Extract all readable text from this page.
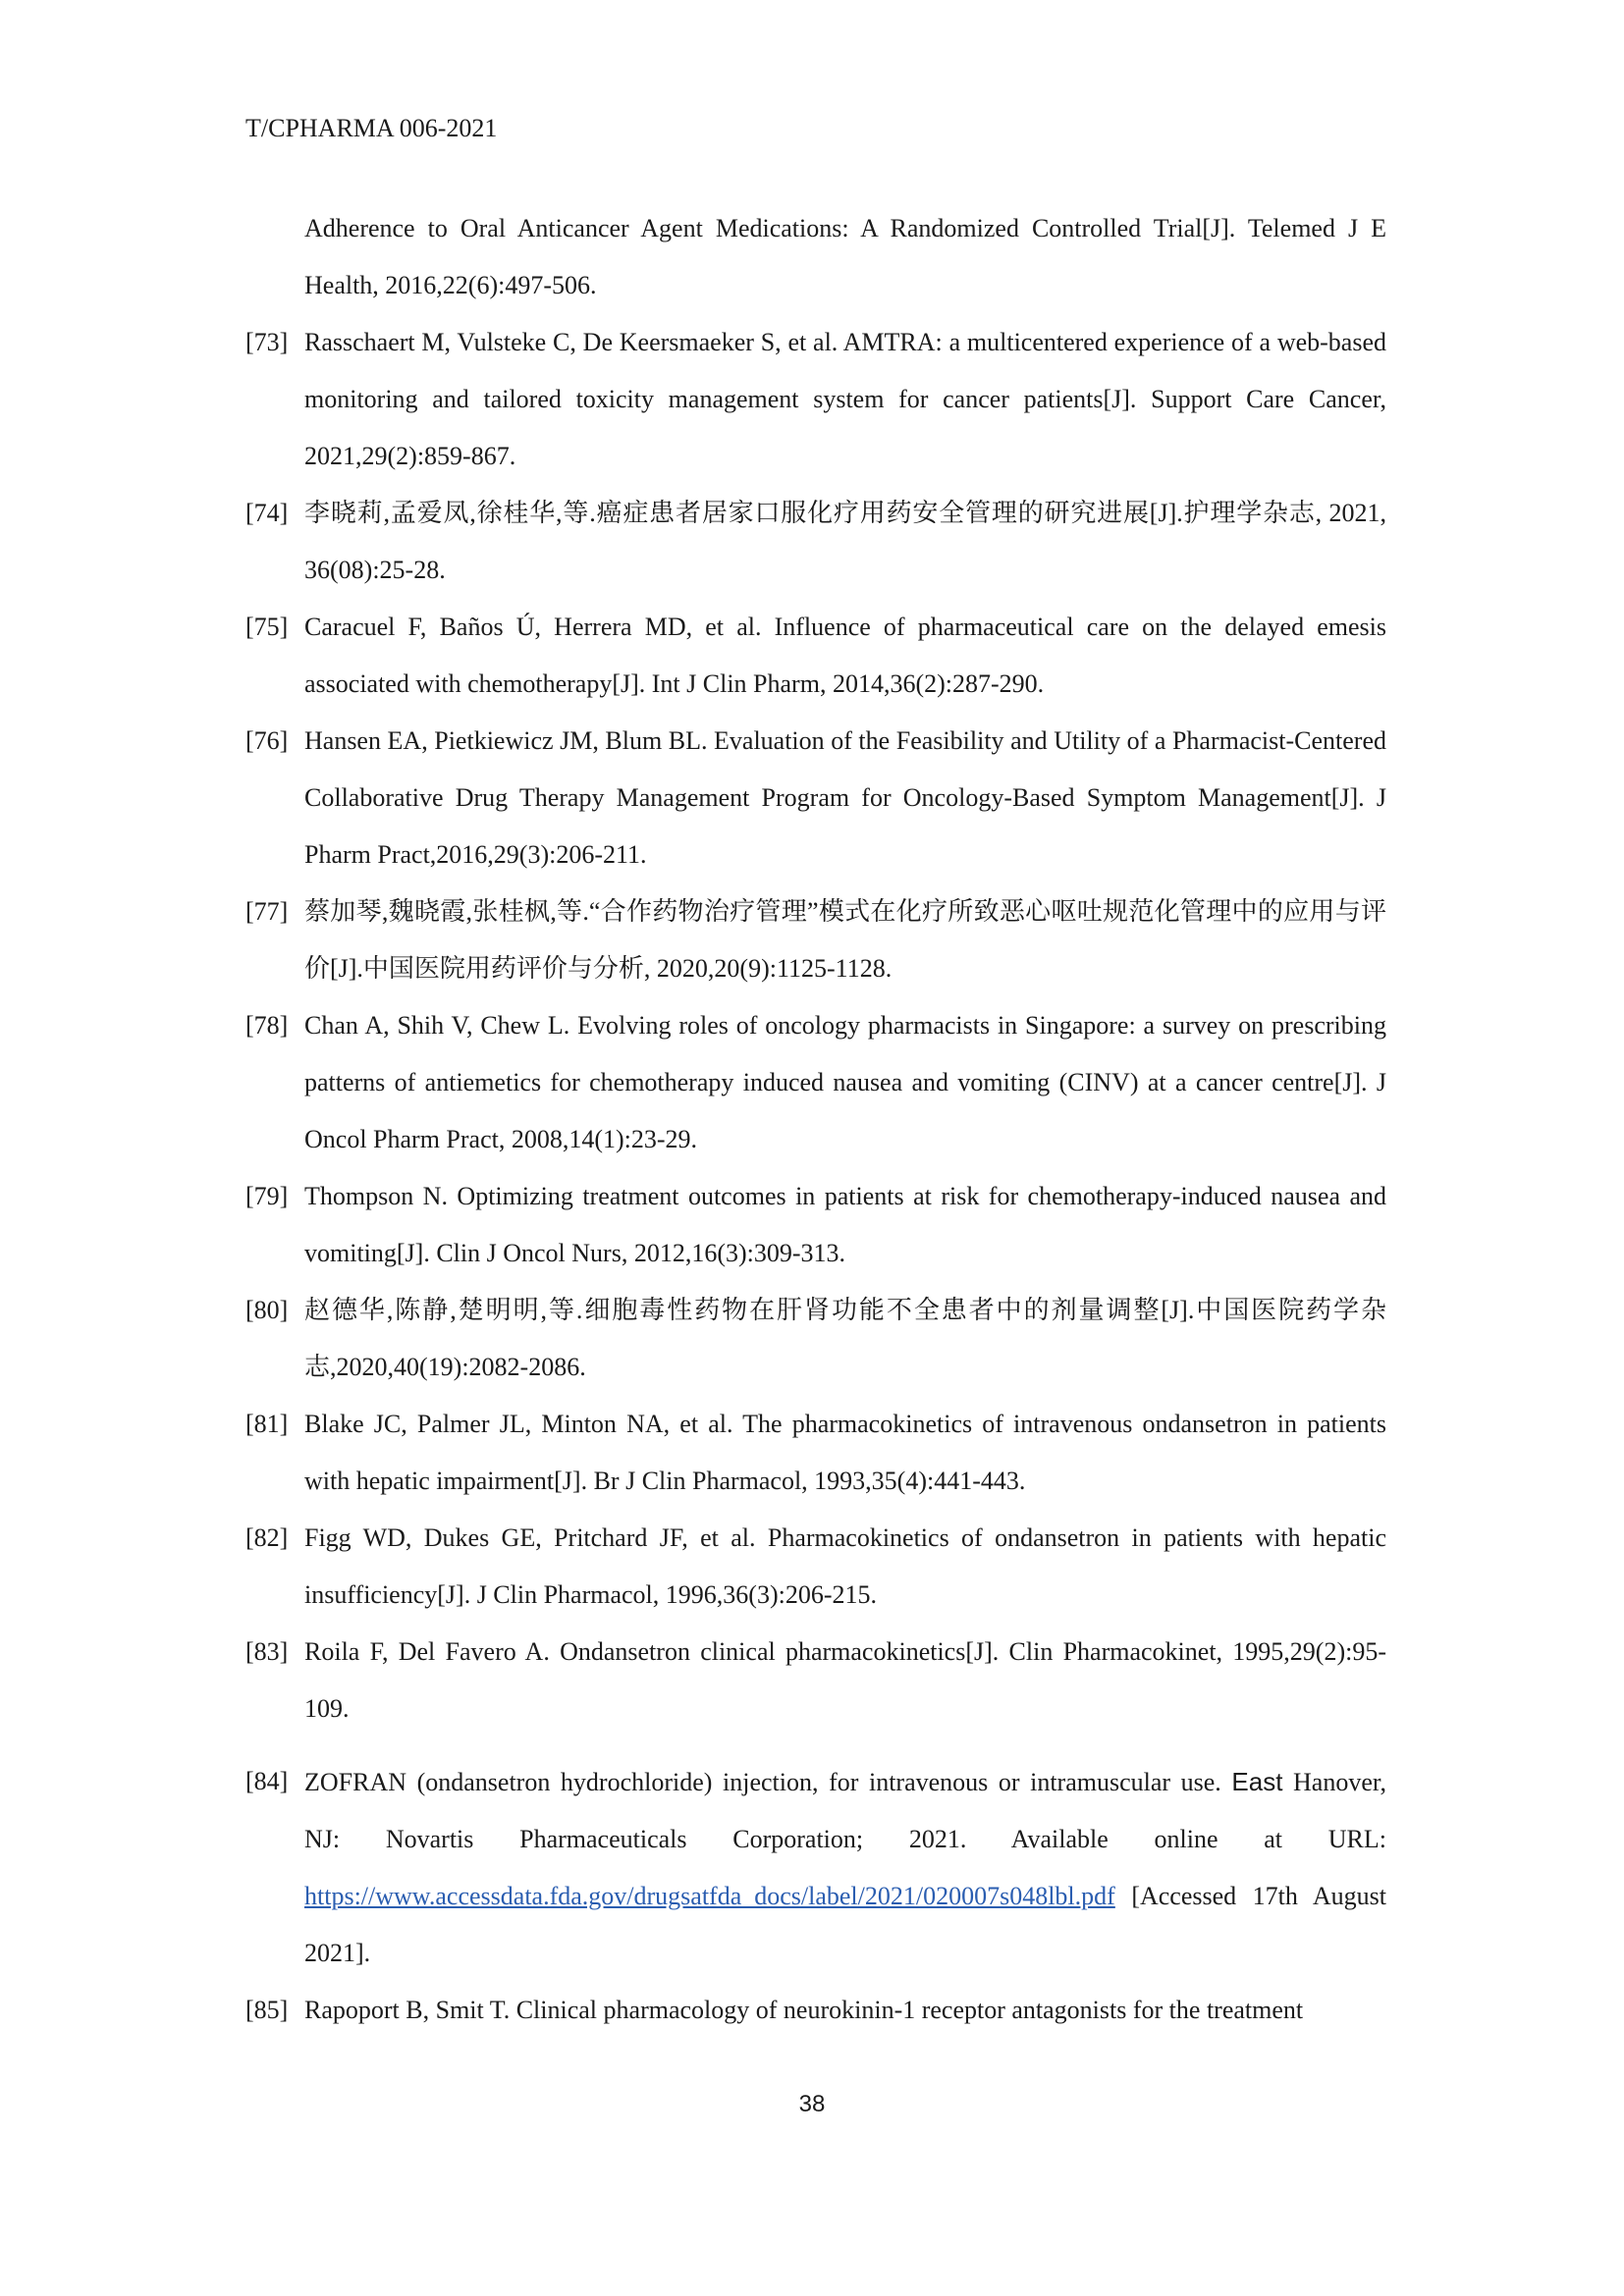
T/CPHARMA 006-2021
Adherence to Oral Anticancer Agent Medications: A Randomized Controlled Trial[J]. Telemed J E Health, 2016,22(6):497-506.
[73] Rasschaert M, Vulsteke C, De Keersmaeker S, et al. AMTRA: a multicentered experience of a web-based monitoring and tailored toxicity management system for cancer patients[J]. Support Care Cancer, 2021,29(2):859-867.
[74] 李晓莉,孟爱凤,徐桂华,等.癌症患者居家口服化疗用药安全管理的研究进展[J].护理学杂志, 2021, 36(08):25-28.
[75] Caracuel F, Baños Ú, Herrera MD, et al. Influence of pharmaceutical care on the delayed emesis associated with chemotherapy[J]. Int J Clin Pharm, 2014,36(2):287-290.
[76] Hansen EA, Pietkiewicz JM, Blum BL. Evaluation of the Feasibility and Utility of a Pharmacist-Centered Collaborative Drug Therapy Management Program for Oncology-Based Symptom Management[J]. J Pharm Pract,2016,29(3):206-211.
[77] 蔡加琴,魏晓霞,张桂枫,等.“合作药物治疗管理”模式在化疗所致恶心呕吐规范化管理中的应用与评价[J].中国医院用药评价与分析, 2020,20(9):1125-1128.
[78] Chan A, Shih V, Chew L. Evolving roles of oncology pharmacists in Singapore: a survey on prescribing patterns of antiemetics for chemotherapy induced nausea and vomiting (CINV) at a cancer centre[J]. J Oncol Pharm Pract, 2008,14(1):23-29.
[79] Thompson N. Optimizing treatment outcomes in patients at risk for chemotherapy-induced nausea and vomiting[J]. Clin J Oncol Nurs, 2012,16(3):309-313.
[80] 赵德华,陈静,楚明明,等.细胞毒性药物在肝肾功能不全患者中的剂量调整[J].中国医院药学杂志,2020,40(19):2082-2086.
[81] Blake JC, Palmer JL, Minton NA, et al. The pharmacokinetics of intravenous ondansetron in patients with hepatic impairment[J]. Br J Clin Pharmacol, 1993,35(4):441-443.
[82] Figg WD, Dukes GE, Pritchard JF, et al. Pharmacokinetics of ondansetron in patients with hepatic insufficiency[J]. J Clin Pharmacol, 1996,36(3):206-215.
[83] Roila F, Del Favero A. Ondansetron clinical pharmacokinetics[J]. Clin Pharmacokinet, 1995,29(2):95-109.
[84] ZOFRAN (ondansetron hydrochloride) injection, for intravenous or intramuscular use. East Hanover, NJ: Novartis Pharmaceuticals Corporation; 2021. Available online at URL: https://www.accessdata.fda.gov/drugsatfda_docs/label/2021/020007s048lbl.pdf [Accessed 17th August 2021].
[85] Rapoport B, Smit T. Clinical pharmacology of neurokinin-1 receptor antagonists for the treatment
38
